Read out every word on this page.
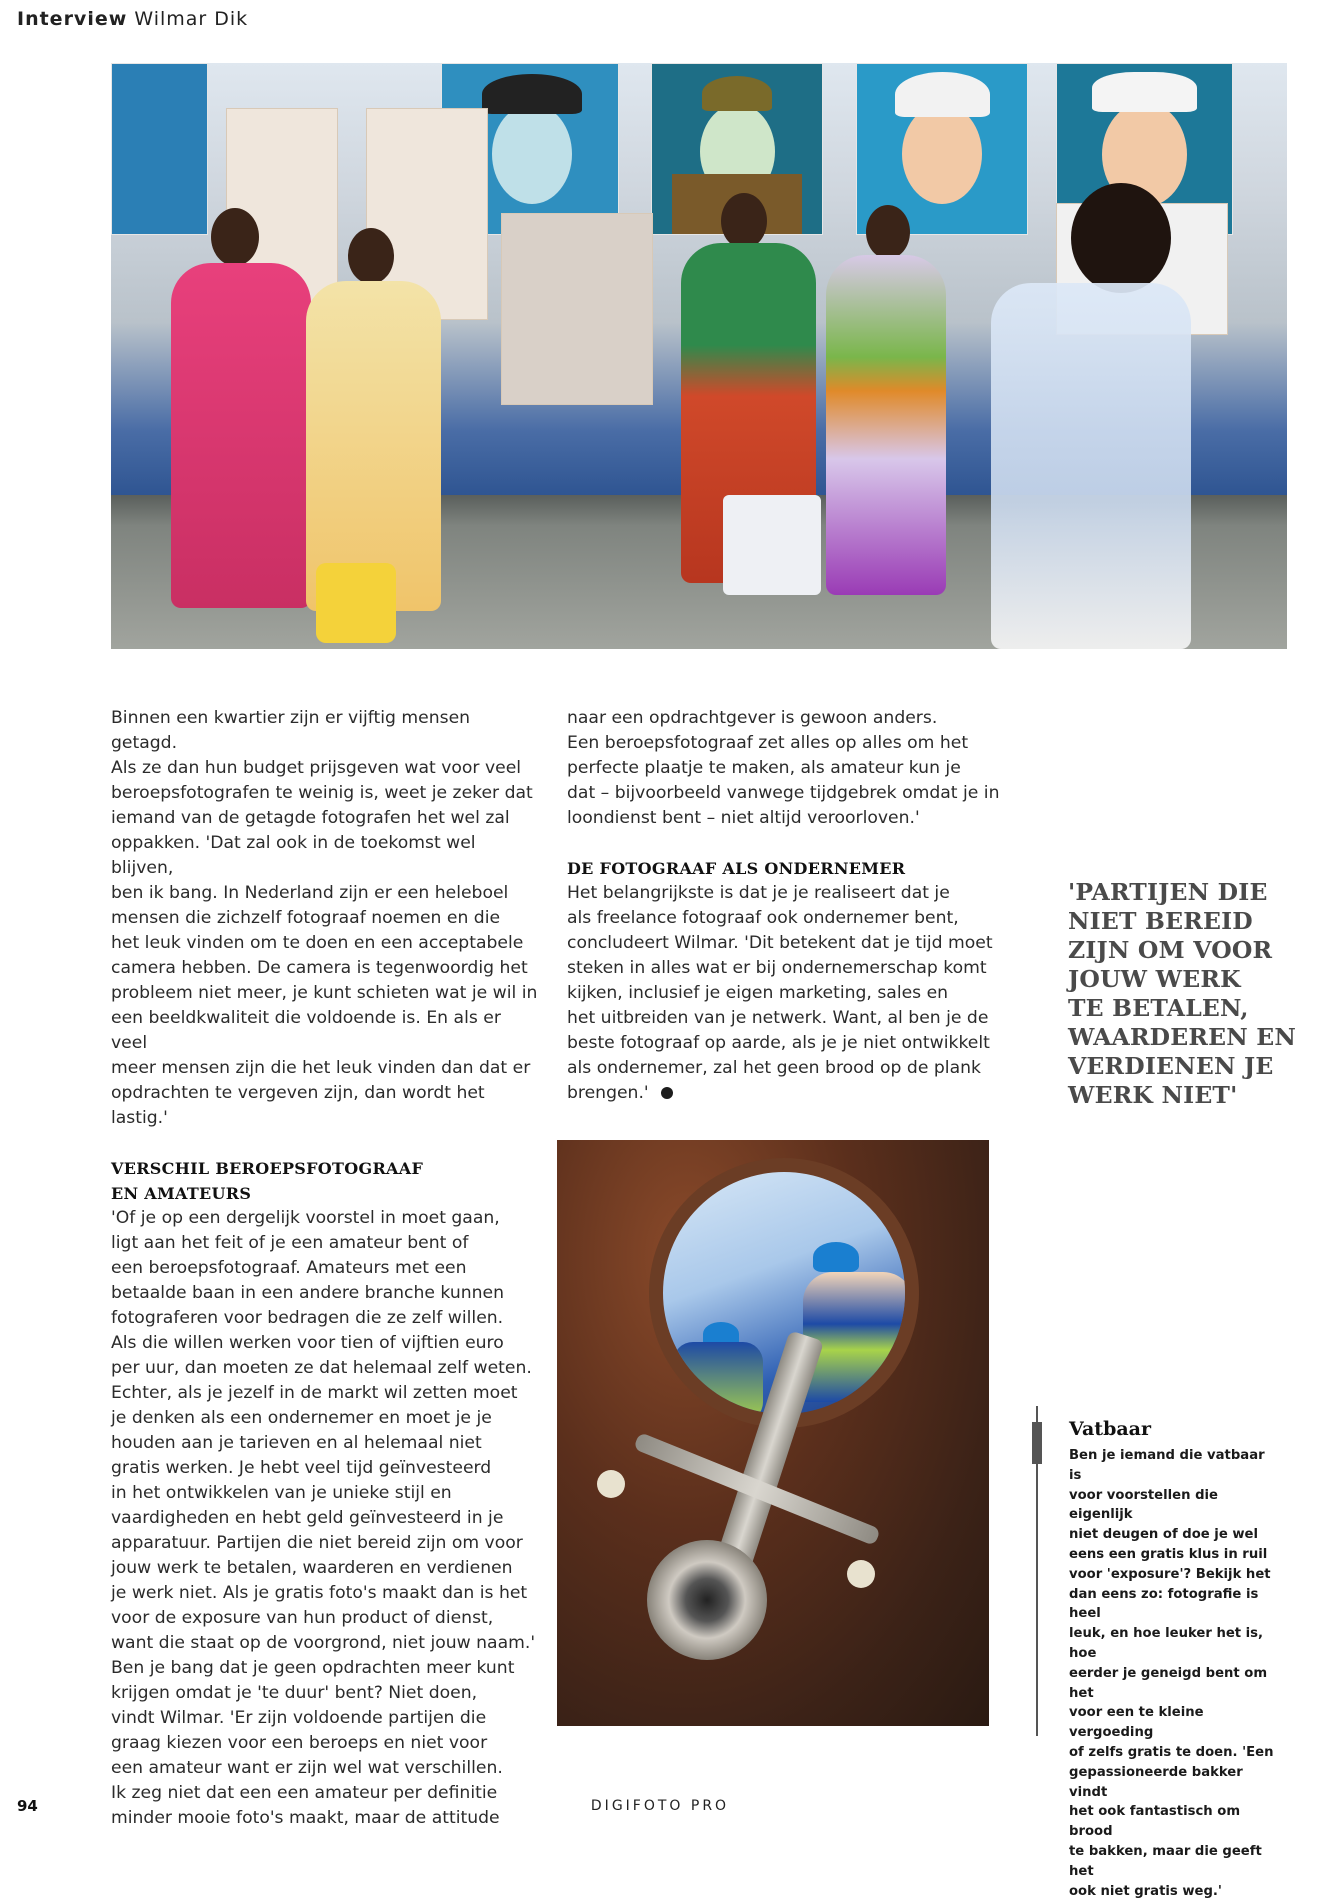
Interview Wilmar Dik

Binnen een kwartier zijn er vijftig mensen getagd.

Als ze dan hun budget prijsgeven wat voor veel

beroepsfotografen te weinig is, weet je zeker dat

iemand van de getagde fotografen het wel zal

oppakken. 'Dat zal ook in de toekomst wel blijven,

ben ik bang. In Nederland zijn er een heleboel

mensen die zichzelf fotograaf noemen en die

het leuk vinden om te doen en een acceptabele

camera hebben. De camera is tegenwoordig het

probleem niet meer, je kunt schieten wat je wil in

een beeldkwaliteit die voldoende is. En als er veel

meer mensen zijn die het leuk vinden dan dat er

opdrachten te vergeven zijn, dan wordt het lastig.'

VERSCHIL BEROEPSFOTOGRAAF

EN AMATEURS

'Of je op een dergelijk voorstel in moet gaan,

ligt aan het feit of je een amateur bent of

een beroepsfotograaf. Amateurs met een

betaalde baan in een andere branche kunnen

fotograferen voor bedragen die ze zelf willen.

Als die willen werken voor tien of vijftien euro

per uur, dan moeten ze dat helemaal zelf weten.

Echter, als je jezelf in de markt wil zetten moet

je denken als een ondernemer en moet je je

houden aan je tarieven en al helemaal niet

gratis werken. Je hebt veel tijd geïnvesteerd

in het ontwikkelen van je unieke stijl en

vaardigheden en hebt geld geïnvesteerd in je

apparatuur. Partijen die niet bereid zijn om voor

jouw werk te betalen, waarderen en verdienen

je werk niet. Als je gratis foto's maakt dan is het

voor de exposure van hun product of dienst,

want die staat op de voorgrond, niet jouw naam.'

Ben je bang dat je geen opdrachten meer kunt

krijgen omdat je 'te duur' bent? Niet doen,

vindt Wilmar. 'Er zijn voldoende partijen die

graag kiezen voor een beroeps en niet voor

een amateur want er zijn wel wat verschillen.

Ik zeg niet dat een een amateur per definitie

minder mooie foto's maakt, maar de attitude

naar een opdrachtgever is gewoon anders.

Een beroepsfotograaf zet alles op alles om het

perfecte plaatje te maken, als amateur kun je

dat – bijvoorbeeld vanwege tijdgebrek omdat je in

loondienst bent – niet altijd veroorloven.'

DE FOTOGRAAF ALS ONDERNEMER

Het belangrijkste is dat je je realiseert dat je

als freelance fotograaf ook ondernemer bent,

concludeert Wilmar. 'Dit betekent dat je tijd moet

steken in alles wat er bij ondernemerschap komt

kijken, inclusief je eigen marketing, sales en

het uitbreiden van je netwerk. Want, al ben je de

beste fotograaf op aarde, als je je niet ontwikkelt

als ondernemer, zal het geen brood op de plank

brengen.'

'PARTIJEN DIE
NIET BEREID
ZIJN OM VOOR
JOUW WERK
TE BETALEN,
WAARDEREN EN
VERDIENEN JE
WERK NIET'
Vatbaar
Ben je iemand die vatbaar is
voor voorstellen die eigenlijk
niet deugen of doe je wel
eens een gratis klus in ruil
voor 'exposure'? Bekijk het
dan eens zo: fotografie is heel
leuk, en hoe leuker het is, hoe
eerder je geneigd bent om het
voor een te kleine vergoeding
of zelfs gratis te doen. 'Een
gepassioneerde bakker vindt
het ook fantastisch om brood
te bakken, maar die geeft het
ook niet gratis weg.'
94	DIGIFOTO PRO
